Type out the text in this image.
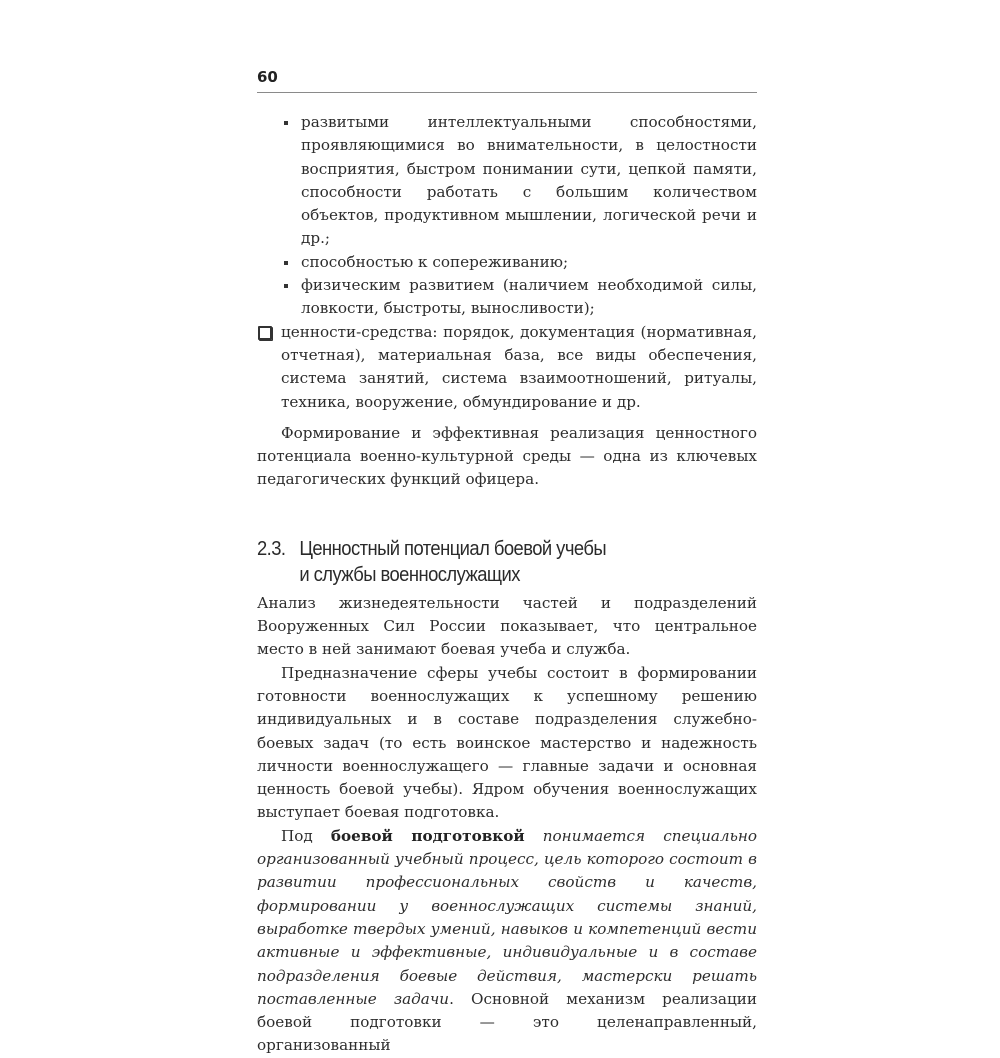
60
развитыми интеллектуальными способностями, проявляющимися во внимательности, в целостности восприятия, быстром понимании сути, цепкой памяти, способности работать с большим количеством объектов, продуктивном мышлении, логической речи и др.;
способностью к сопереживанию;
физическим развитием (наличием необходимой силы, ловкости, быстроты, выносливости);
ценности-средства: порядок, документация (нормативная, отчетная), материальная база, все виды обеспечения, система занятий, система взаимоотношений, ритуалы, техника, вооружение, обмундирование и др.

Формирование и эффективная реализация ценностного потенциала военно-культурной среды — одна из ключевых педагогических функций офицера.

2.3. Ценностный потенциал боевой учебы
и службы военнослужащих

Анализ жизнедеятельности частей и подразделений Вооруженных Сил России показывает, что центральное место в ней занимают боевая учеба и служба.

Предназначение сферы учебы состоит в формировании готовности военнослужащих к успешному решению индивидуальных и в составе подразделения служебно-боевых задач (то есть воинское мастерство и надежность личности военнослужащего — главные задачи и основная ценность боевой учебы). Ядром обучения военнослужащих выступает боевая подготовка.

Под боевой подготовкой понимается специально организованный учебный процесс, цель которого состоит в развитии профессиональных свойств и качеств, формировании у военнослужащих системы знаний, выработке твердых умений, навыков и компетенций вести активные и эффективные, индивидуальные и в составе подразделения боевые действия, мастерски решать поставленные задачи. Основной механизм реализации боевой подготовки — это целенаправленный, организованный
